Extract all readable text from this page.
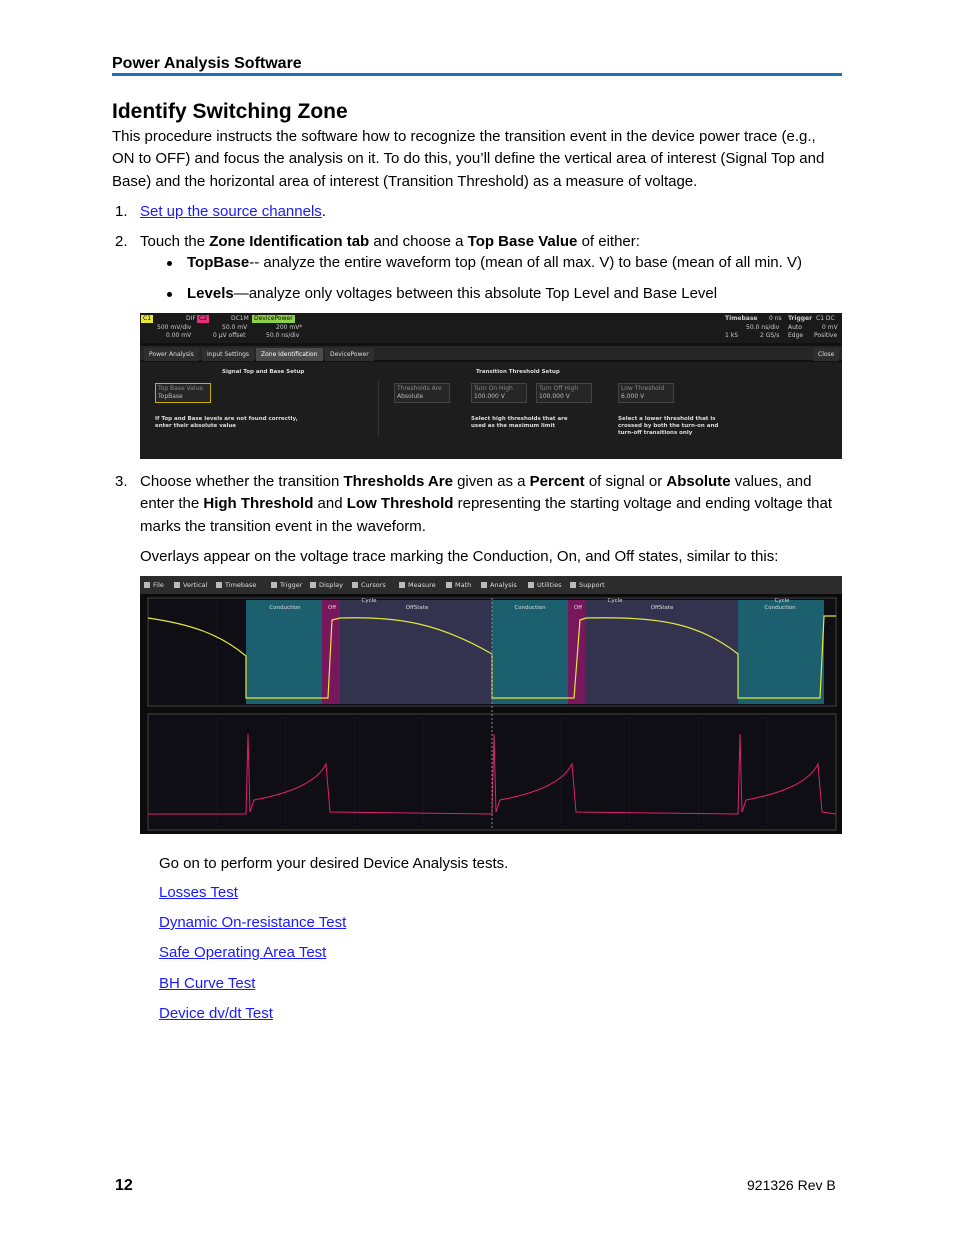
Power Analysis Software
Identify Switching Zone
This procedure instructs the software how to recognize the transition event in the device power trace (e.g., ON to OFF) and focus the analysis on it. To do this, you’ll define the vertical area of interest (Signal Top and Base) and the horizontal area of interest (Transition Threshold) as a measure of voltage.
1. Set up the source channels.
2. Touch the Zone Identification tab and choose a Top Base Value of either:
TopBase-- analyze the entire waveform top (mean of all max. V) to base (mean of all min. V)
Levels—analyze only voltages between this absolute Top Level and Base Level
C1	DIF
500 mV/div
0.00 mV
C2	DC1M
50.0 mV
0 µV offset
DevicePower
200 mV*
50.0 ns/div
Timebase 0 ns
50.0 ns/div
1 kS	2 GS/s
Trigger C1 DC
Auto	0 mV
Edge Positive
Power Analysis	Input Settings	Zone Identification	DevicePower	Close
Signal Top and Base Setup	Transition Threshold Setup
Top Base Value
TopBase
If Top and Base levels are not found correctly, enter their absolute value
Thresholds Are
Absolute
Turn On High
100.000 V
Turn Off High
100.000 V
Select high thresholds that are used as the maximum limit
Low Threshold
6.000 V
Select a lower threshold that is crossed by both the turn-on and turn-off transitions only
3. Choose whether the transition Thresholds Are given as a Percent of signal or Absolute values, and enter the High Threshold and Low Threshold representing the starting voltage and ending voltage that marks the transition event in the waveform.
Overlays appear on the voltage trace marking the Conduction, On, and Off states, similar to this:
File	Vertical	Timebase	Trigger	Display	Cursors	Measure	Math	Analysis	Utilities	Support
Conduction	Off	OffState	Conduction	Off	OffState	Conduction
Cycle	Cycle	Cycle
Go on to perform your desired Device Analysis tests.
Losses Test
Dynamic On-resistance Test
Safe Operating Area Test
BH Curve Test
Device dv/dt Test
12	921326 Rev B
